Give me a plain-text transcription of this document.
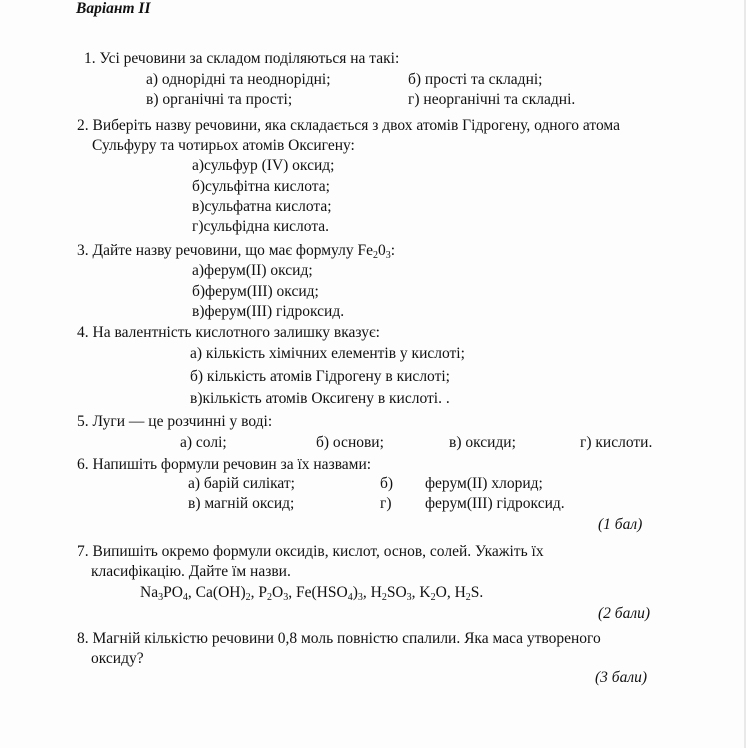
Варіант ІІ
1. Усі речовини за складом поділяються на такі:
а) однорідні та неоднорідні;	б) прості та складні;
в) органічні та прості;	г) неорганічні та складні.
2. Виберіть назву речовини, яка складається з двох атомів Гідрогену, одного атома
Сульфуру та чотирьох атомів Оксигену:
а)сульфур (IV) оксид;
б)сульфітна кислота;
в)сульфатна кислота;
г)сульфідна кислота.
3. Дайте назву речовини, що має формулу $Fe_20_3$:
а)ферум(II) оксид;
б)ферум(III) оксид;
в)ферум(III) гідроксид.
4. На валентність кислотного залишку вказує:
а) кількість хімічних елементів у кислоті;
б) кількість атомів Гідрогену в кислоті;
в)кількість атомів Оксигену в кислоті. .
5. Луги — це розчинні у воді:
а) солі;	б) основи;	в) оксиди;	г) кислоти.
6. Напишіть формули речовин за їх назвами:
а) барій силікат;	б) ферум(II) хлорид;
в) магній оксид;	г) ферум(III) гідроксид.
(1 бал)
7. Випишіть окремо формули оксидів, кислот, основ, солей. Укажіть їх
класифікацію. Дайте їм назви.
$Na_3PO_4$, $Ca(OH)_2$, $P_2O_3$, $Fe(HSO_4)_3$, $H_2SO_3$, $K_2O$, $H_2S$.
(2 бали)
8. Магній кількістю речовини 0,8 моль повністю спалили. Яка маса утвореного
оксиду?
(3 бали)
